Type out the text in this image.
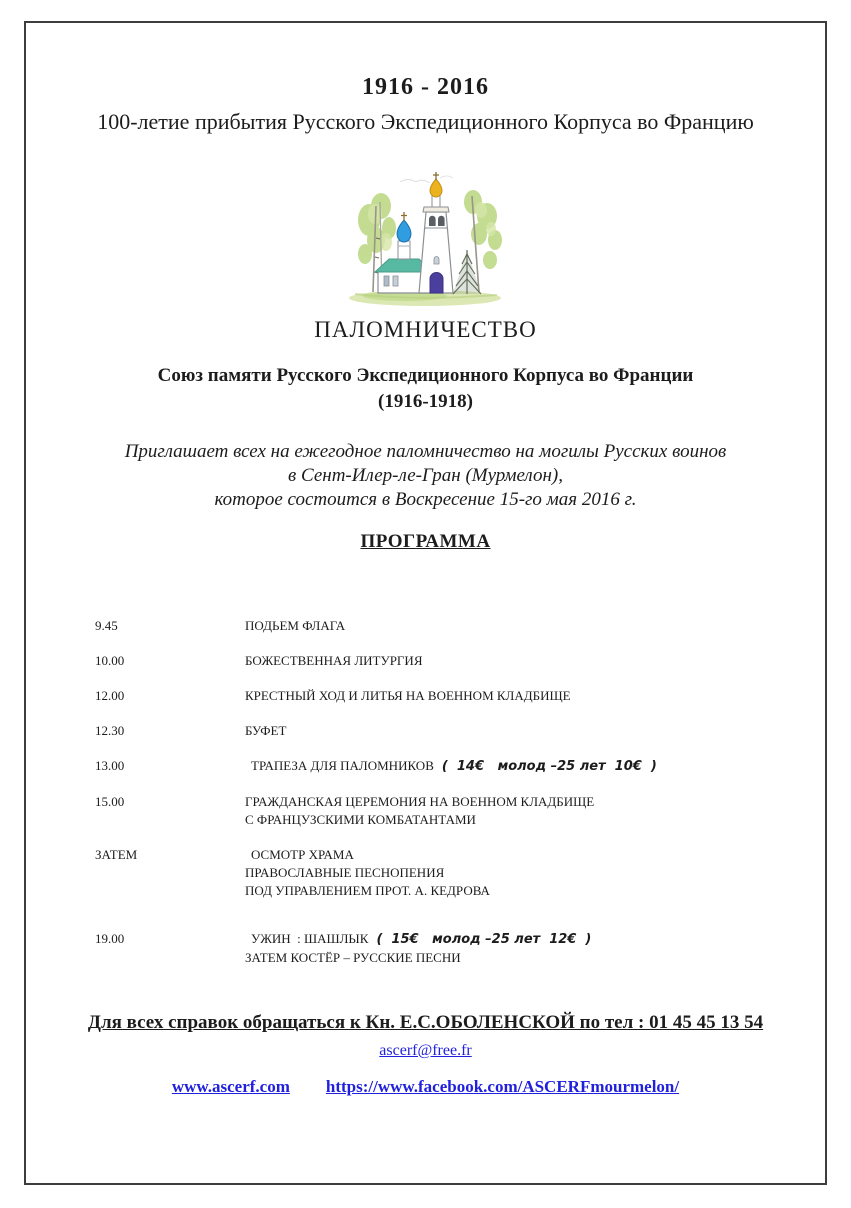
1916 - 2016
100-летие прибытия Русского Экспедиционного Корпуса во Францию
ПАЛОМНИЧЕСТВО
Союз памяти Русского Экспедиционного Корпуса во Франции
(1916-1918)
Приглашает всех на ежегодное паломничество на могилы Русских воинов
в Сент-Илер-ле-Гран (Мурмелон),
которое состоится в Воскресение 15-го мая 2016 г.
ПРОГРАММА
9.45	ПОДЬЕМ ФЛАГА
10.00	БОЖЕСТВЕННАЯ ЛИТУРГИЯ
12.00	КРЕСТНЫЙ ХОД И ЛИТЬЯ НА ВОЕННОМ КЛАДБИЩЕ
12.30	БУФЕТ
13.00	ТРАПЕЗА ДЛЯ ПАЛОМНИКОВ (  14€   молод –25 лет  10€  )
15.00	ГРАЖДАНСКАЯ ЦЕРЕМОНИЯ НА ВОЕННОМ КЛАДБИЩЕ
С ФРАНЦУЗСКИМИ КОМБАТАНТАМИ
ЗАТЕМ	ОСМОТР ХРАМА
ПРАВОСЛАВНЫЕ ПЕСНОПЕНИЯ
ПОД УПРАВЛЕНИЕМ ПРОТ. А. КЕДРОВА
19.00	УЖИН  : ШАШЛЫК (  15€   молод –25 лет  12€  )
ЗАТЕМ КОСТЁР – РУССКИЕ ПЕСНИ
Для всех справок обращаться к Кн. Е.С.ОБОЛЕНСКОЙ по тел : 01 45 45 13 54
ascerf@free.fr
www.ascerf.com https://www.facebook.com/ASCERFmourmelon/
